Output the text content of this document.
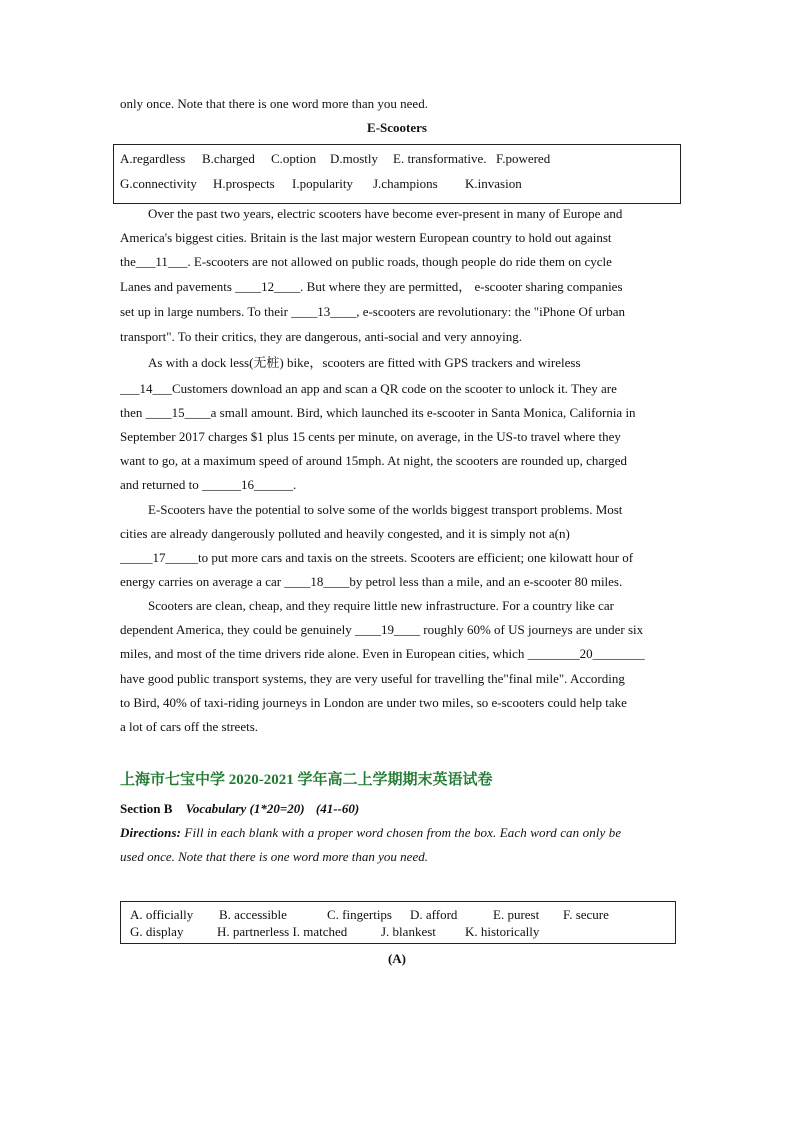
only once. Note that there is one word more than you need.
E-Scooters
A.regardless B.charged C.option D.mostly E. transformative. F.powered
G.connectivity H.prospects I.popularity J.champions K.invasion
Over the past two years, electric scooters have become ever-present in many of Europe and
America's biggest cities. Britain is the last major western European country to hold out against
the___11___. E-scooters are not allowed on public roads, though people do ride them on cycle
Lanes and pavements ____12____. But where they are permitted， e-scooter sharing companies
set up in large numbers. To their ____13____, e-scooters are revolutionary: the "iPhone Of urban
transport". To their critics, they are dangerous, anti-social and very annoying.
As with a dock less(无桩) bike，scooters are fitted with GPS trackers and wireless
___14___Customers download an app and scan a QR code on the scooter to unlock it. They are
then ____15____a small amount. Bird, which launched its e-scooter in Santa Monica, California in
September 2017 charges $1 plus 15 cents per minute, on average, in the US-to travel where they
want to go, at a maximum speed of around 15mph. At night, the scooters are rounded up, charged
and returned to ______16______.
E-Scooters have the potential to solve some of the worlds biggest transport problems. Most
cities are already dangerously polluted and heavily congested, and it is simply not a(n)
_____17_____to put more cars and taxis on the streets. Scooters are efficient; one kilowatt hour of
energy carries on average a car ____18____by petrol less than a mile, and an e-scooter 80 miles.
Scooters are clean, cheap, and they require little new infrastructure. For a country like car
dependent America, they could be genuinely ____19____ roughly 60% of US journeys are under six
miles, and most of the time drivers ride alone. Even in European cities, which ________20________
have good public transport systems, they are very useful for travelling the"final mile". According
to Bird, 40% of taxi-riding journeys in London are under two miles, so e-scooters could help take
a lot of cars off the streets.
上海市七宝中学 2020-2021 学年高二上学期期末英语试卷
Section B Vocabulary (1*20=20) (41--60)
Directions: Fill in each blank with a proper word chosen from the box. Each word can only be
used once. Note that there is one word more than you need.
A. officially B. accessible	C. fingertips D. afford	E. purest F. secure
G. display	H. partnerless I. matched	J. blankest K. historically
(A)
